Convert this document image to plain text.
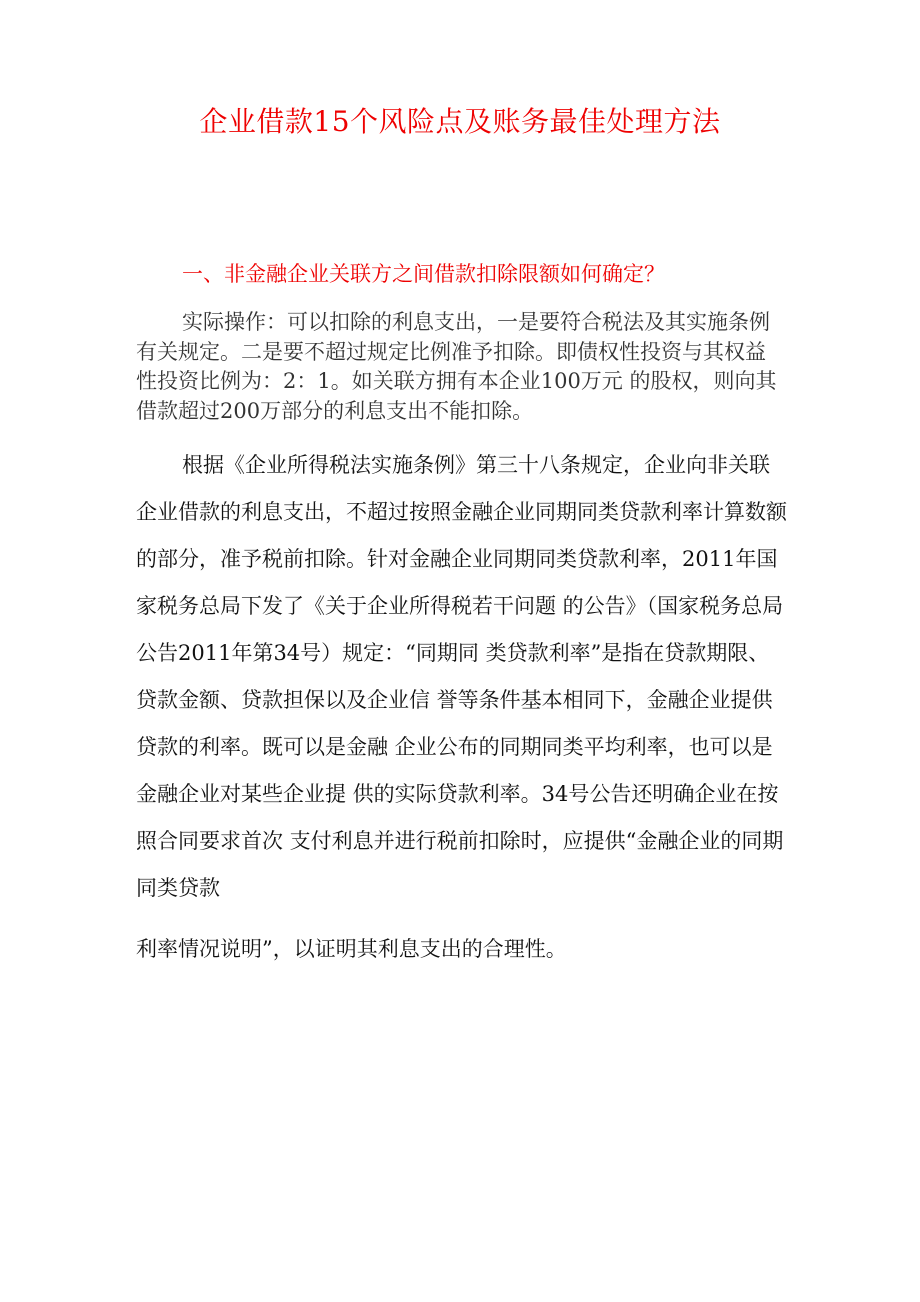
企业借款15个风险点及账务最佳处理方法
一、非金融企业关联方之间借款扣除限额如何确定？

实际操作：可以扣除的利息支出，一是要符合税法及其实施条例有关规定。二是要不超过规定比例准予扣除。即债权性投资与其权益性投资比例为：2：1。如关联方拥有本企业100万元 的股权，则向其借款超过200万部分的利息支出不能扣除。

根据《企业所得税法实施条例》第三十八条规定，企业向非关联企业借款的利息支出，不超过按照金融企业同期同类贷款利率计算数额的部分，准予税前扣除。针对金融企业同期同类贷款利率，2011年国家税务总局下发了《关于企业所得税若干问题 的公告》（国家税务总局公告2011年第34号）规定：“同期同 类贷款利率”是指在贷款期限、贷款金额、贷款担保以及企业信 誉等条件基本相同下，金融企业提供贷款的利率。既可以是金融 企业公布的同期同类平均利率，也可以是金融企业对某些企业提 供的实际贷款利率。34号公告还明确企业在按照合同要求首次 支付利息并进行税前扣除时，应提供“金融企业的同期同类贷款

利率情况说明”，以证明其利息支出的合理性。
